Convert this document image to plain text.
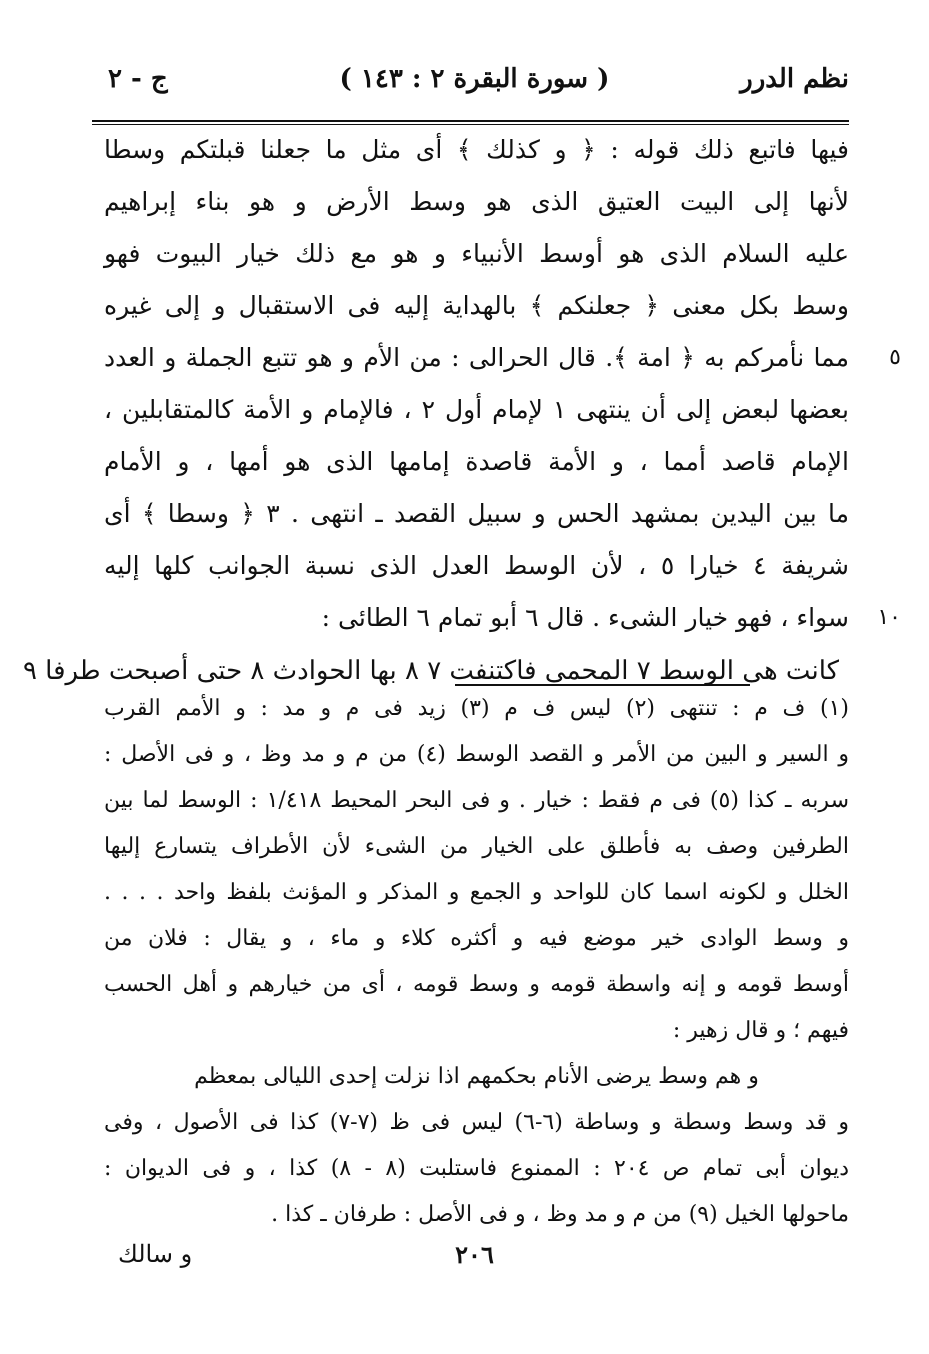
نظم الدرر
( سورة البقرة ٢ : ١٤٣ )
ج - ٢
فيها فاتبع ذلك قوله : ﴿ و كذلك ﴾ أى مثل ما جعلنا قبلتكم وسطا
لأنها إلى البيت العتيق الذى هو وسط الأرض و هو بناء إبراهيم
عليه السلام الذى هو أوسط الأنبياء و هو مع ذلك خيار البيوت فهو
وسط بكل معنى ﴿ جعلنكم ﴾ بالهداية إليه فى الاستقبال و إلى غيره
٥
مما نأمركم به ﴿ امة ﴾. قال الحرالى : من الأم و هو تتبع الجملة و العدد
بعضها لبعض إلى أن ينتهى ١ لإمام أول ٢ ، فالإمام و الأمة كالمتقابلين ،
الإمام قاصد أمما ، و الأمة قاصدة إمامها الذى هو أمها ، و الأمام
ما بين اليدين بمشهد الحس و سبيل القصد ـ انتهى . ٣ ﴿ وسطا ﴾ أى
شريفة ٤ خيارا ٥ ، لأن الوسط العدل الذى نسبة الجوانب كلها إليه
١٠
سواء ، فهو خيار الشىء . قال ٦ أبو تمام ٦ الطائى :
كانت هى الوسط ٧ المحمى فاكتنفت ٧ ٨ بها الحوادث ٨ حتى أصبحت طرفا ٩
(١) ف م : تنتهى (٢) ليس ف م (٣) زيد فى م و مد : و الأمم القرب
و السير و البين من الأمر و القصد الوسط (٤) من م و مد وظ ، و فى الأصل :
سربه ـ كذا (٥) فى م فقط : خيار . و فى البحر المحيط ١/٤١٨ : الوسط لما بين
الطرفين وصف به فأطلق على الخيار من الشىء لأن الأطراف يتسارع إليها
الخلل و لكونه اسما كان للواحد و الجمع و المذكر و المؤنث بلفظ واحد . . . .
و وسط الوادى خير موضع فيه و أكثره كلاء و ماء ، و يقال : فلان من
أوسط قومه و إنه واسطة قومه و وسط قومه ، أى من خيارهم و أهل الحسب
فيهم ؛ و قال زهير :
و هم وسط يرضى الأنام بحكمهم اذا نزلت إحدى الليالى بمعظم
و قد وسط وسطة و وساطة (٦-٦) ليس فى ظ (٧-٧) كذا فى الأصول ، وفى
ديوان أبى تمام ص ٢٠٤ : الممنوع فاستلبت (٨ - ٨) كذا ، و فى الديوان :
ماحولها الخيل (٩) من م و مد وظ ، و فى الأصل : طرفان ـ كذا .
٢٠٦
و سالك
